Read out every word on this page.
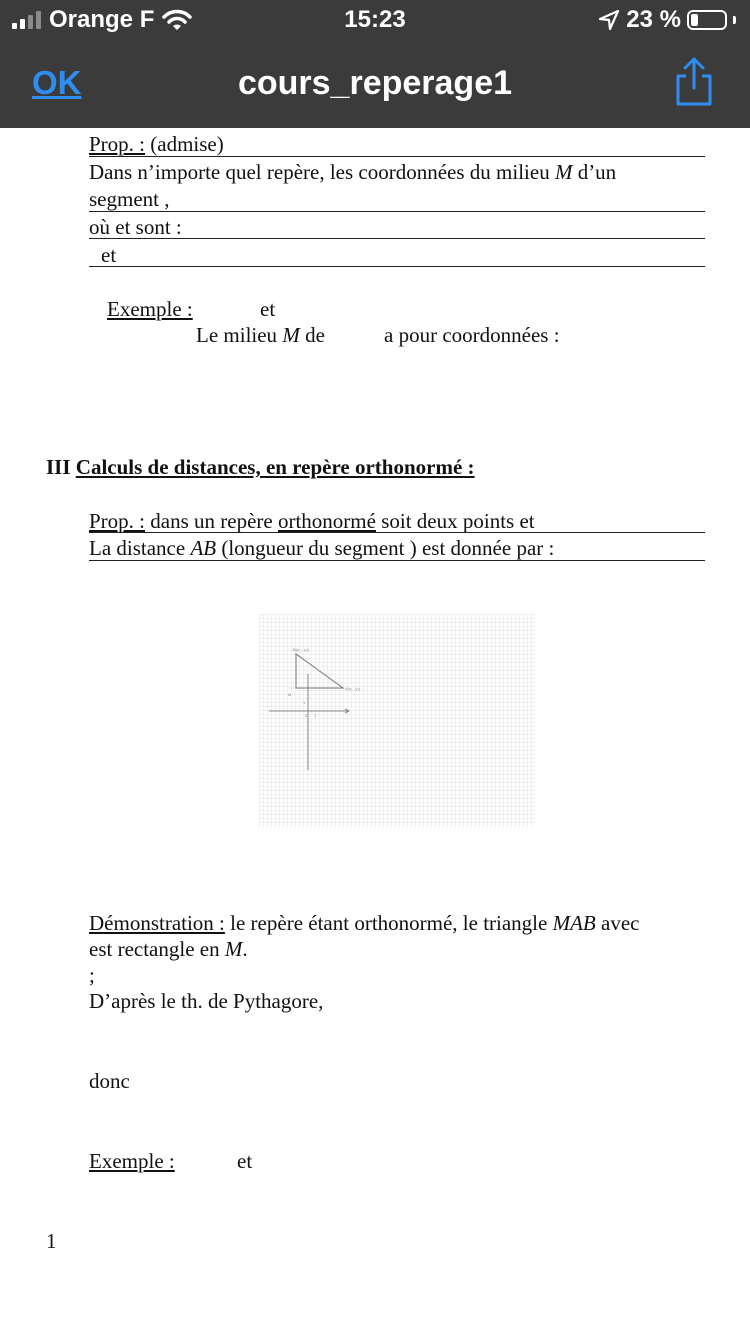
Orange F	15:23	23 %
OK	cours_reperage1
Prop. : (admise)
Dans n’importe quel repère, les coordonnées du milieu M d’un
segment ,
où et sont :
et
Exemple :	et
Le milieu M de	a pour coordonnées :
III Calculs de distances, en repère orthonormé :
Prop. : dans un repère orthonormé soit deux points et
La distance AB (longueur du segment ) est donnée par :
Démonstration : le repère étant orthonormé, le triangle MAB avec
est rectangle en M.
;
D’après le th. de Pythagore,
donc
Exemple :	et
1
B(x₂ ; y₂)
A(x₁ ; y₁)
M
0 1
1
